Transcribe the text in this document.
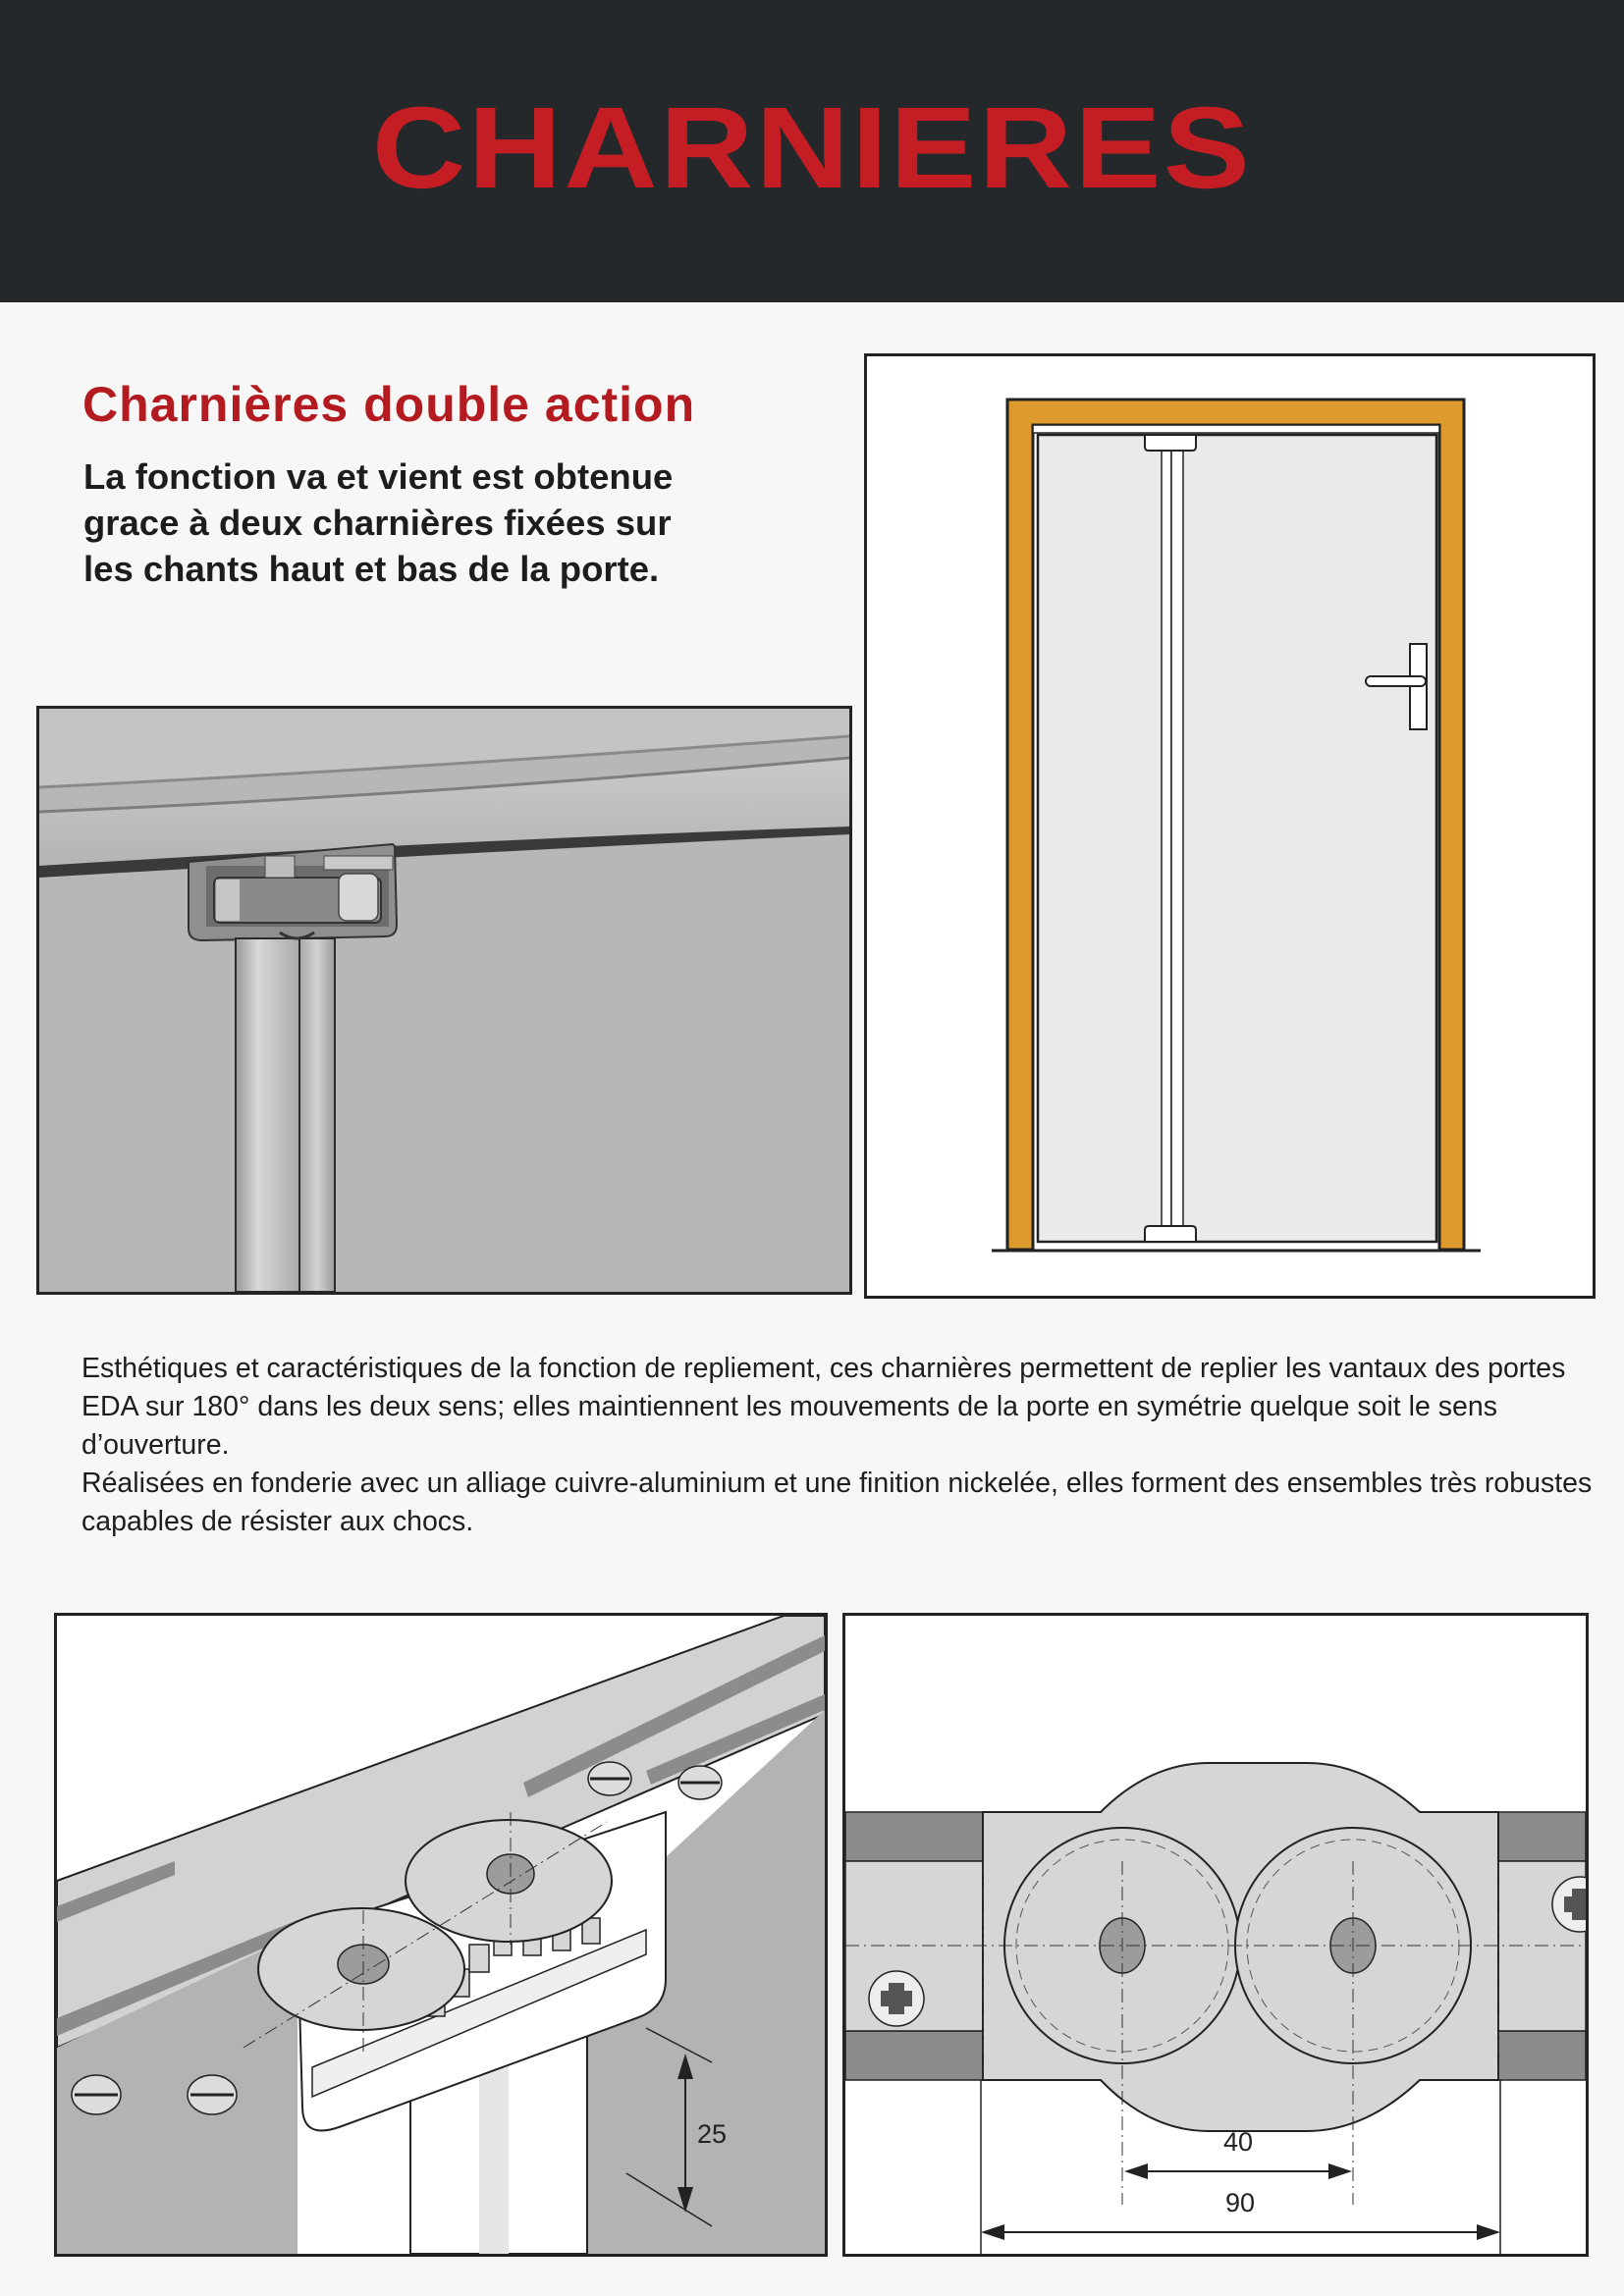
CHARNIERES
Charnières double action
La fonction va et vient est obtenue
grace à deux charnières fixées sur
les chants haut et bas de la porte.

Esthétiques et caractéristiques de la fonction de repliement, ces charnières permettent de replier les vantaux des portes EDA sur 180° dans les deux sens; elles maintiennent les mouvements de la porte en symétrie quelque soit le sens d’ouverture.

Réalisées en fonderie avec un alliage cuivre-aluminium et une finition nickelée, elles forment des ensembles très robustes capables de résister aux chocs.

25	40
90
